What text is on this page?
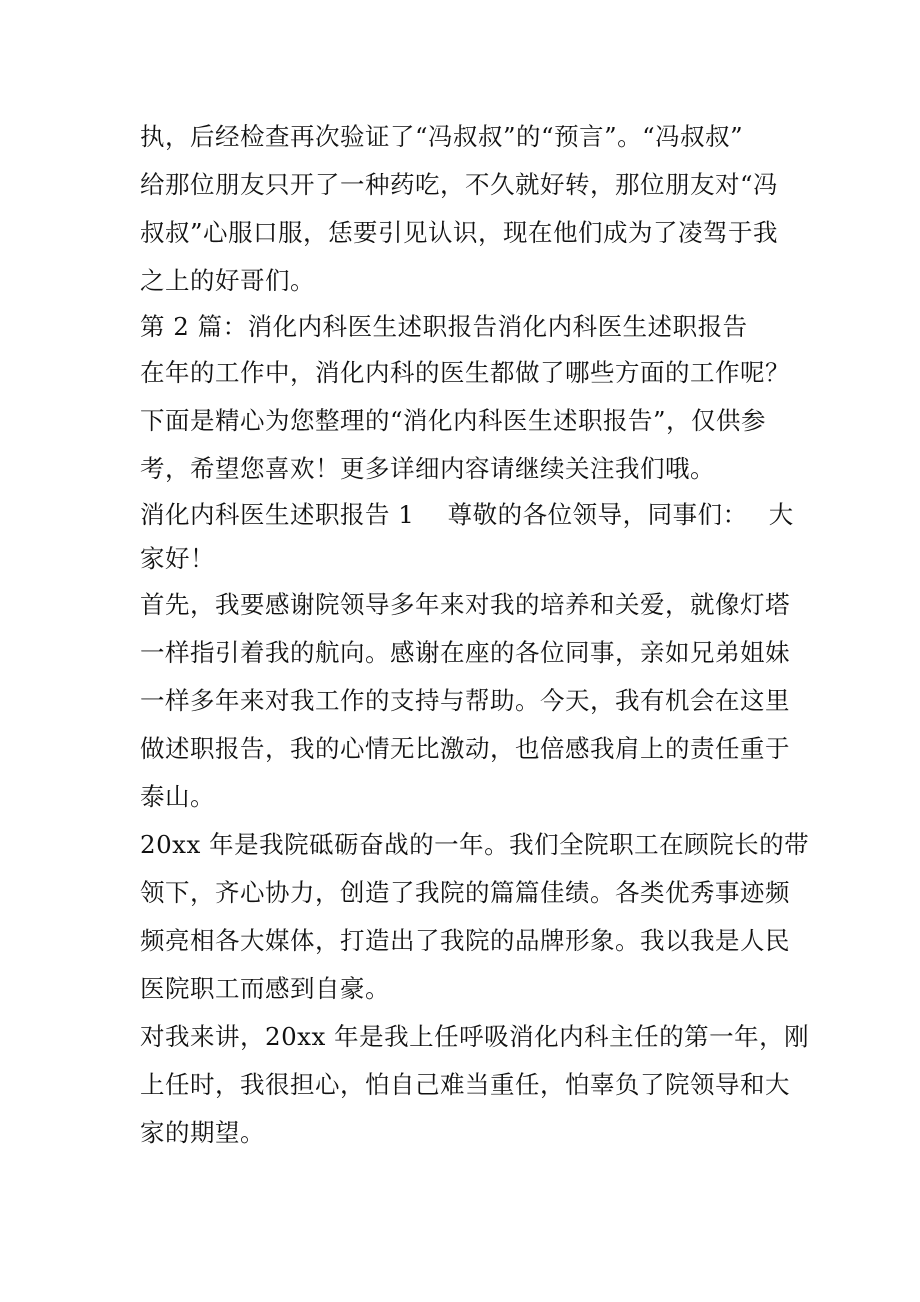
执，后经检查再次验证了“冯叔叔”的“预言”。“冯叔叔”
给那位朋友只开了一种药吃，不久就好转，那位朋友对“冯
叔叔”心服口服，恁要引见认识，现在他们成为了凌驾于我
之上的好哥们。
第 2 篇：消化内科医生述职报告消化内科医生述职报告
在年的工作中，消化内科的医生都做了哪些方面的工作呢？
下面是精心为您整理的“消化内科医生述职报告”，仅供参
考，希望您喜欢！更多详细内容请继续关注我们哦。
消化内科医生述职报告 1　 尊敬的各位领导，同事们：　 大
家好！
首先，我要感谢院领导多年来对我的培养和关爱，就像灯塔
一样指引着我的航向。感谢在座的各位同事，亲如兄弟姐妹
一样多年来对我工作的支持与帮助。今天，我有机会在这里
做述职报告，我的心情无比激动，也倍感我肩上的责任重于
泰山。
20xx 年是我院砥砺奋战的一年。我们全院职工在顾院长的带
领下，齐心协力，创造了我院的篇篇佳绩。各类优秀事迹频
频亮相各大媒体，打造出了我院的品牌形象。我以我是人民
医院职工而感到自豪。
对我来讲，20xx 年是我上任呼吸消化内科主任的第一年，刚
上任时，我很担心，怕自己难当重任，怕辜负了院领导和大
家的期望。
